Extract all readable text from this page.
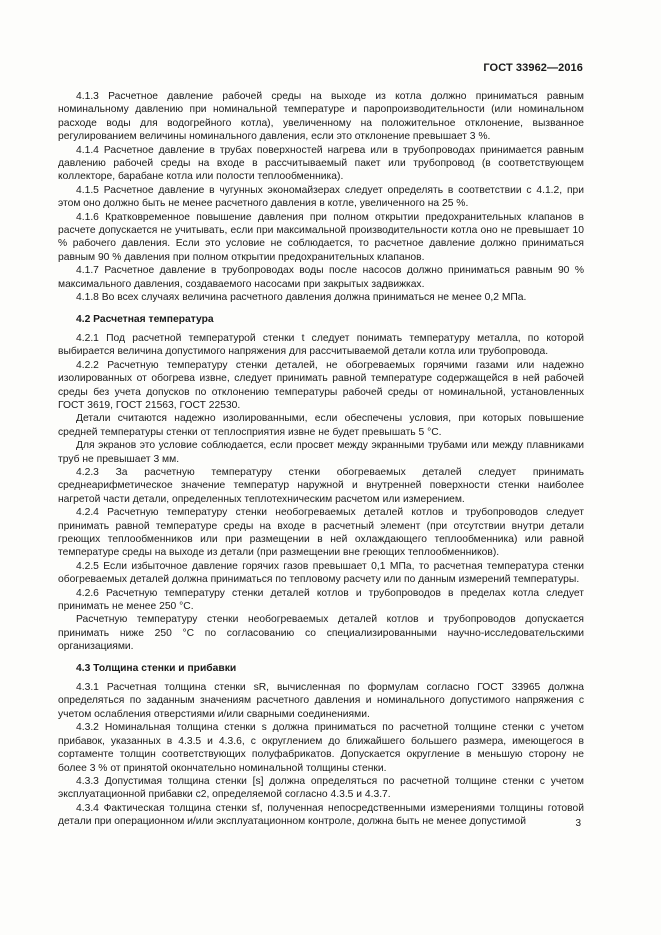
ГОСТ 33962—2016

4.1.3 Расчетное давление рабочей среды на выходе из котла должно приниматься равным номинальному давлению при номинальной температуре и паропроизводительности (или номинальном расходе воды для водогрейного котла), увеличенному на положительное отклонение, вызванное регулированием величины номинального давления, если это отклонение превышает 3 %.

4.1.4 Расчетное давление в трубах поверхностей нагрева или в трубопроводах принимается равным давлению рабочей среды на входе в рассчитываемый пакет или трубопровод (в соответствующем коллекторе, барабане котла или полости теплообменника).

4.1.5 Расчетное давление в чугунных экономайзерах следует определять в соответствии с 4.1.2, при этом оно должно быть не менее расчетного давления в котле, увеличенного на 25 %.

4.1.6 Кратковременное повышение давления при полном открытии предохранительных клапанов в расчете допускается не учитывать, если при максимальной производительности котла оно не превышает 10 % рабочего давления. Если это условие не соблюдается, то расчетное давление должно приниматься равным 90 % давления при полном открытии предохранительных клапанов.

4.1.7 Расчетное давление в трубопроводах воды после насосов должно приниматься равным 90 % максимального давления, создаваемого насосами при закрытых задвижках.

4.1.8 Во всех случаях величина расчетного давления должна приниматься не менее 0,2 МПа.

4.2 Расчетная температура

4.2.1 Под расчетной температурой стенки t следует понимать температуру металла, по которой выбирается величина допустимого напряжения для рассчитываемой детали котла или трубопровода.

4.2.2 Расчетную температуру стенки деталей, не обогреваемых горячими газами или надежно изолированных от обогрева извне, следует принимать равной температуре содержащейся в ней рабочей среды без учета допусков по отклонению температуры рабочей среды от номинальной, установленных ГОСТ 3619, ГОСТ 21563, ГОСТ 22530.

Детали считаются надежно изолированными, если обеспечены условия, при которых повышение средней температуры стенки от теплосприятия извне не будет превышать 5 °С.

Для экранов это условие соблюдается, если просвет между экранными трубами или между плавниками труб не превышает 3 мм.

4.2.3 За расчетную температуру стенки обогреваемых деталей следует принимать среднеарифметическое значение температур наружной и внутренней поверхности стенки наиболее нагретой части детали, определенных теплотехническим расчетом или измерением.

4.2.4 Расчетную температуру стенки необогреваемых деталей котлов и трубопроводов следует принимать равной температуре среды на входе в расчетный элемент (при отсутствии внутри детали греющих теплообменников или при размещении в ней охлаждающего теплообменника) или равной температуре среды на выходе из детали (при размещении вне греющих теплообменников).

4.2.5 Если избыточное давление горячих газов превышает 0,1 МПа, то расчетная температура стенки обогреваемых деталей должна приниматься по тепловому расчету или по данным измерений температуры.

4.2.6 Расчетную температуру стенки деталей котлов и трубопроводов в пределах котла следует принимать не менее 250 °С.

Расчетную температуру стенки необогреваемых деталей котлов и трубопроводов допускается принимать ниже 250 °С по согласованию со специализированными научно-исследовательскими организациями.

4.3 Толщина стенки и прибавки

4.3.1 Расчетная толщина стенки sR, вычисленная по формулам согласно ГОСТ 33965 должна определяться по заданным значениям расчетного давления и номинального допустимого напряжения с учетом ослабления отверстиями и/или сварными соединениями.

4.3.2 Номинальная толщина стенки s должна приниматься по расчетной толщине стенки с учетом прибавок, указанных в 4.3.5 и 4.3.6, с округлением до ближайшего большего размера, имеющегося в сортаменте толщин соответствующих полуфабрикатов. Допускается округление в меньшую сторону не более 3 % от принятой окончательно номинальной толщины стенки.

4.3.3 Допустимая толщина стенки [s] должна определяться по расчетной толщине стенки с учетом эксплуатационной прибавки c2, определяемой согласно 4.3.5 и 4.3.7.

4.3.4 Фактическая толщина стенки sf, полученная непосредственными измерениями толщины готовой детали при операционном и/или эксплуатационном контроле, должна быть не менее допустимой	3
